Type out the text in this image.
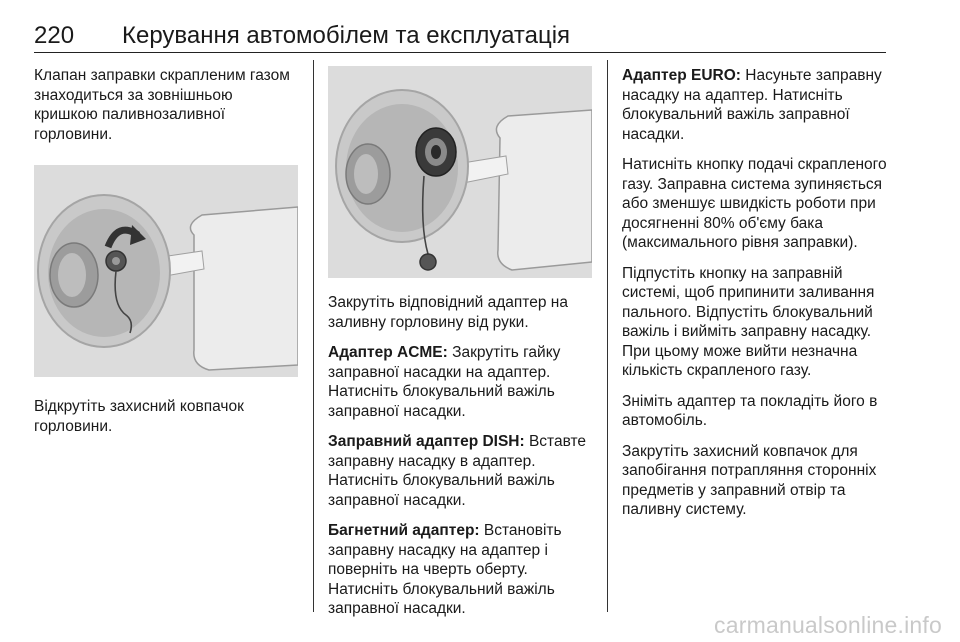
220 Керування автомобілем та експлуатація

Клапан заправки скрапленим газом знаходиться за зовнішньою кришкою паливнозаливної горловини.

Відкрутіть захисний ковпачок горловини.

Закрутіть відповідний адаптер на заливну горловину від руки.

Адаптер ACME: Закрутіть гайку заправної насадки на адаптер. Натисніть блокувальний важіль заправної насадки.

Заправний адаптер DISH: Вставте заправну насадку в адаптер. Натисніть блокувальний важіль заправної насадки.

Багнетний адаптер: Встановіть заправну насадку на адаптер і поверніть на чверть оберту. Натисніть блокувальний важіль заправної насадки.

Адаптер EURO: Насуньте заправну насадку на адаптер. Натисніть блокувальний важіль заправної насадки.

Натисніть кнопку подачі скрапленого газу. Заправна система зупиняється або зменшує швидкість роботи при досягненні 80% об'єму бака (максимального рівня заправки).

Підпустіть кнопку на заправній системі, щоб припинити заливання пального. Відпустіть блокувальний важіль і вийміть заправну насадку. При цьому може вийти незначна кількість скрапленого газу.

Зніміть адаптер та покладіть його в автомобіль.

Закрутіть захисний ковпачок для запобігання потрапляння сторонніх предметів у заправний отвір та паливну систему.

carmanualsonline.info
